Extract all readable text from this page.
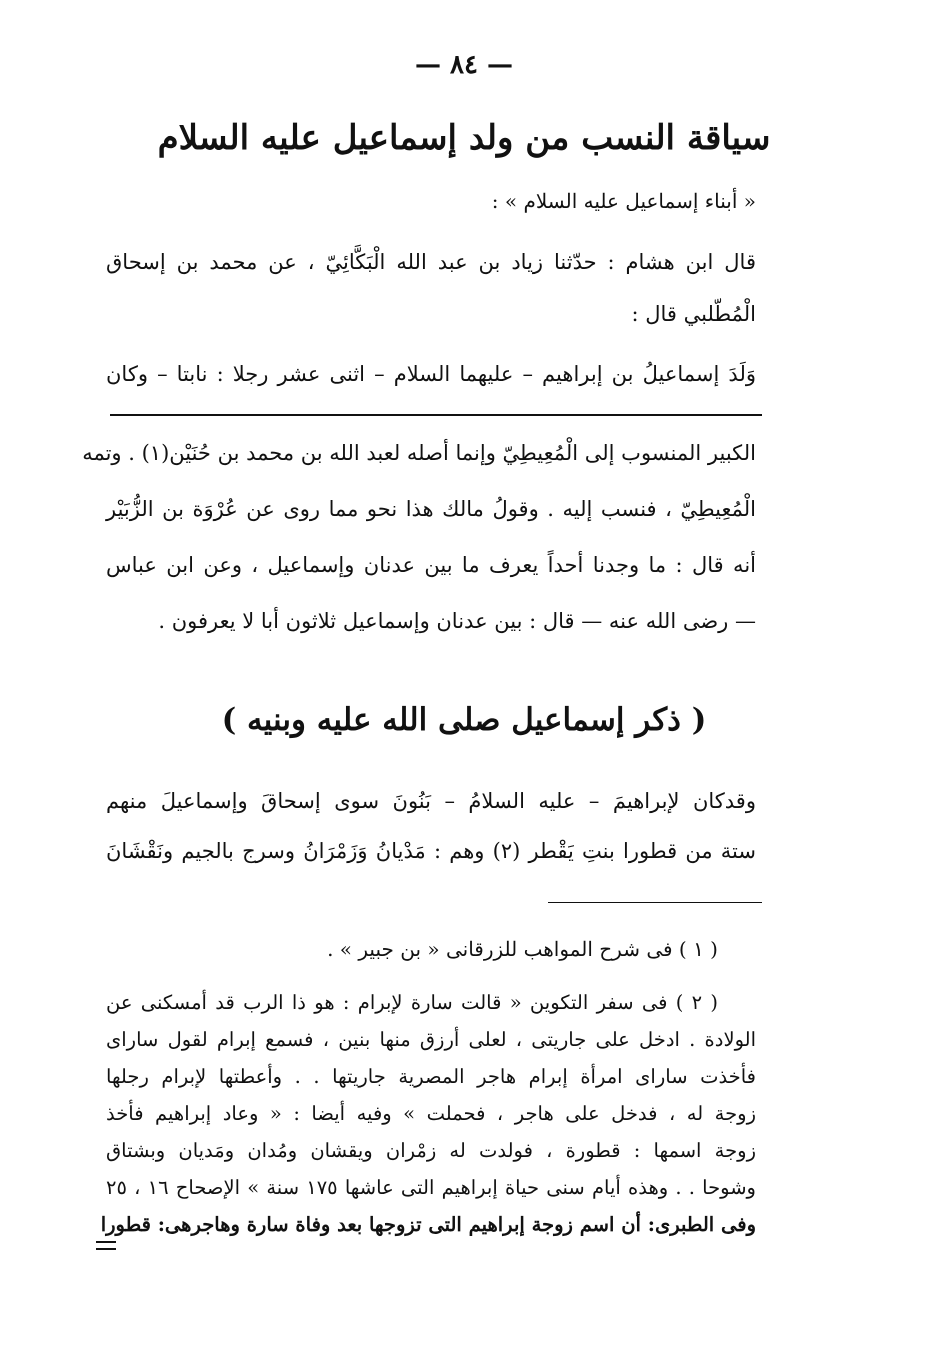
— ٨٤ —
سياقة النسب من ولد إسماعيل عليه السلام
« أبناء إسماعيل عليه السلام » :
قال ابن هشام : حدّثنا زياد بن عبد الله الْبَكَّائِيّ ، عن محمد بن إسحاق
الْمُطّلبي قال :
وَلَدَ إسماعيلُ بن إبراهيم – عليهما السلام – اثنى عشر رجلا : نابتا – وكان
الكبير المنسوب إلى الْمُعِيطِيّ وإنما أصله لعبد الله بن محمد بن حُنَيْن(١) . وتمه
الْمُعِيطِيّ ، فنسب إليه . وقولُ مالك هذا نحو مما روى عن عُرْوَة بن الزُّبَيْر
أنه قال : ما وجدنا أحداً يعرف ما بين عدنان وإسماعيل ، وعن ابن عباس
— رضى الله عنه — قال : بين عدنان وإسماعيل ثلاثون أبا لا يعرفون .
( ذكر إسماعيل صلى الله عليه وبنيه )
وقدكان لإبراهيمَ – عليه السلامُ – بَنُونَ سوى إسحاقَ وإسماعيلَ منهم
ستة من قطورا بنتِ يَقْطر (٢) وهم : مَدْيانُ وَزَمْرَانُ وسرج بالجيم ونَقْشَانَ
( ١ ) فى شرح المواهب للزرقانى « بن جبير » .
( ٢ ) فى سفر التكوين « قالت سارة لإبرام : هو ذا الرب قد أمسكنى عن
الولادة . ادخل على جاريتى ، لعلى أرزق منها بنين ، فسمع إبرام لقول ساراى
فأخذت ساراى امرأة إبرام هاجر المصرية جاريتها . . وأعطتها لإبرام رجلها
زوجة له ، فدخل على هاجر ، فحملت » وفيه أيضا : « وعاد إبراهيم فأخذ
زوجة اسمها : قطورة ، فولدت له زمْران ويقشان ومُدان ومَديان وبشتاق
وشوحا . . وهذه أيام سنى حياة إبراهيم التى عاشها ١٧٥ سنة » الإصحاح ١٦ ، ٢٥
وفى الطبرى: أن اسم زوجة إبراهيم التى تزوجها بعد وفاة سارة وهاجرهى: قطورا
